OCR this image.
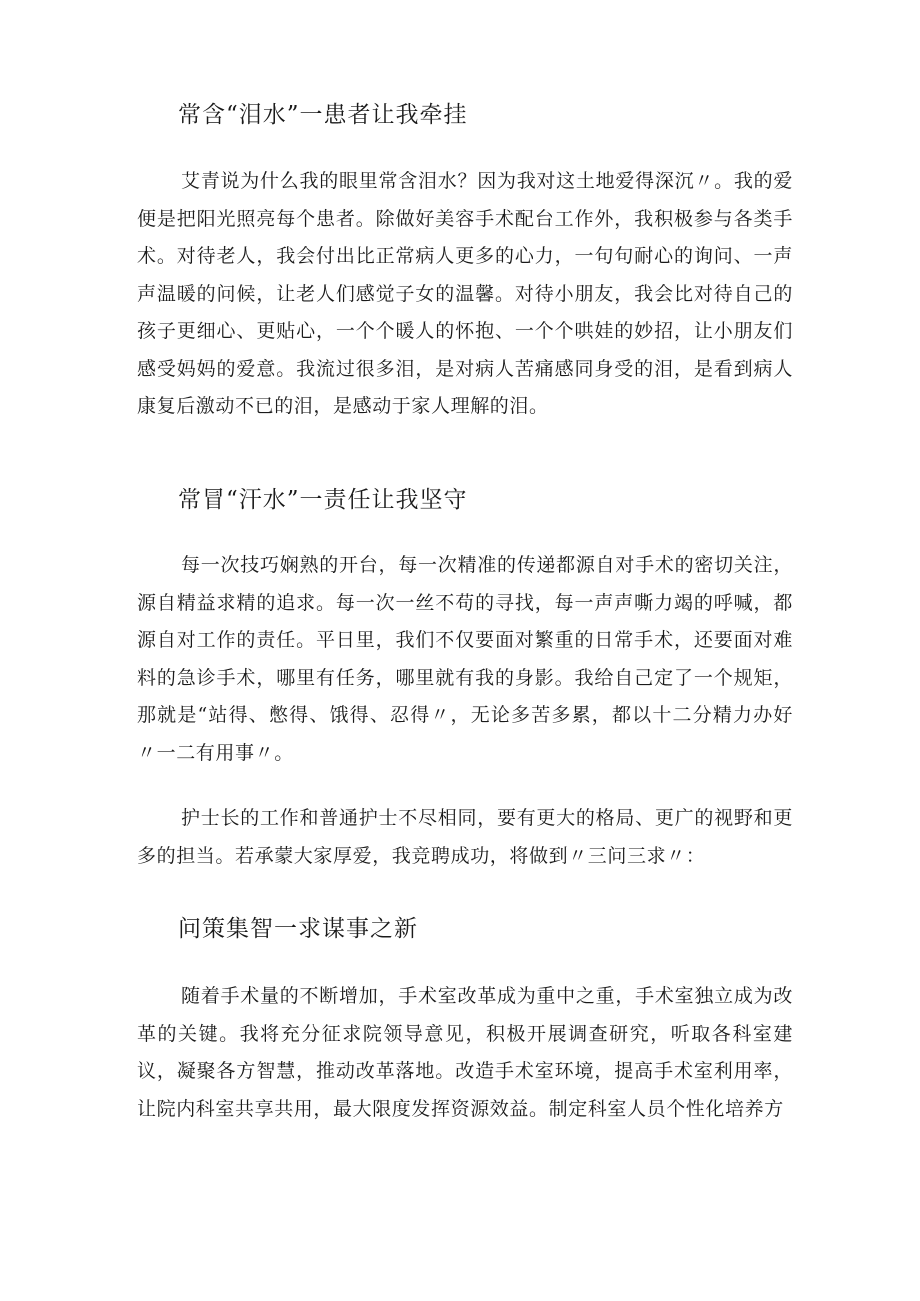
常含“泪水”一患者让我牵挂

艾青说为什么我的眼里常含泪水？因为我对这土地爱得深沉〃。我的爱便是把阳光照亮每个患者。除做好美容手术配台工作外，我积极参与各类手术。对待老人，我会付出比正常病人更多的心力，一句句耐心的询问、一声声温暖的问候，让老人们感觉子女的温馨。对待小朋友，我会比对待自己的孩子更细心、更贴心，一个个暖人的怀抱、一个个哄娃的妙招，让小朋友们感受妈妈的爱意。我流过很多泪，是对病人苦痛感同身受的泪，是看到病人康复后激动不已的泪，是感动于家人理解的泪。

常冒“汗水”一责任让我坚守

每一次技巧娴熟的开台，每一次精准的传递都源自对手术的密切关注，源自精益求精的追求。每一次一丝不苟的寻找，每一声声嘶力竭的呼喊，都源自对工作的责任。平日里，我们不仅要面对繁重的日常手术，还要面对难料的急诊手术，哪里有任务，哪里就有我的身影。我给自己定了一个规矩，那就是“站得、憋得、饿得、忍得〃，无论多苦多累，都以十二分精力办好〃一二有用事〃。

护士长的工作和普通护士不尽相同，要有更大的格局、更广的视野和更多的担当。若承蒙大家厚爱，我竞聘成功，将做到〃三问三求〃：

问策集智一求谋事之新

随着手术量的不断增加，手术室改革成为重中之重，手术室独立成为改革的关键。我将充分征求院领导意见，积极开展调查研究，听取各科室建议，凝聚各方智慧，推动改革落地。改造手术室环境，提高手术室利用率，让院内科室共享共用，最大限度发挥资源效益。制定科室人员个性化培养方
